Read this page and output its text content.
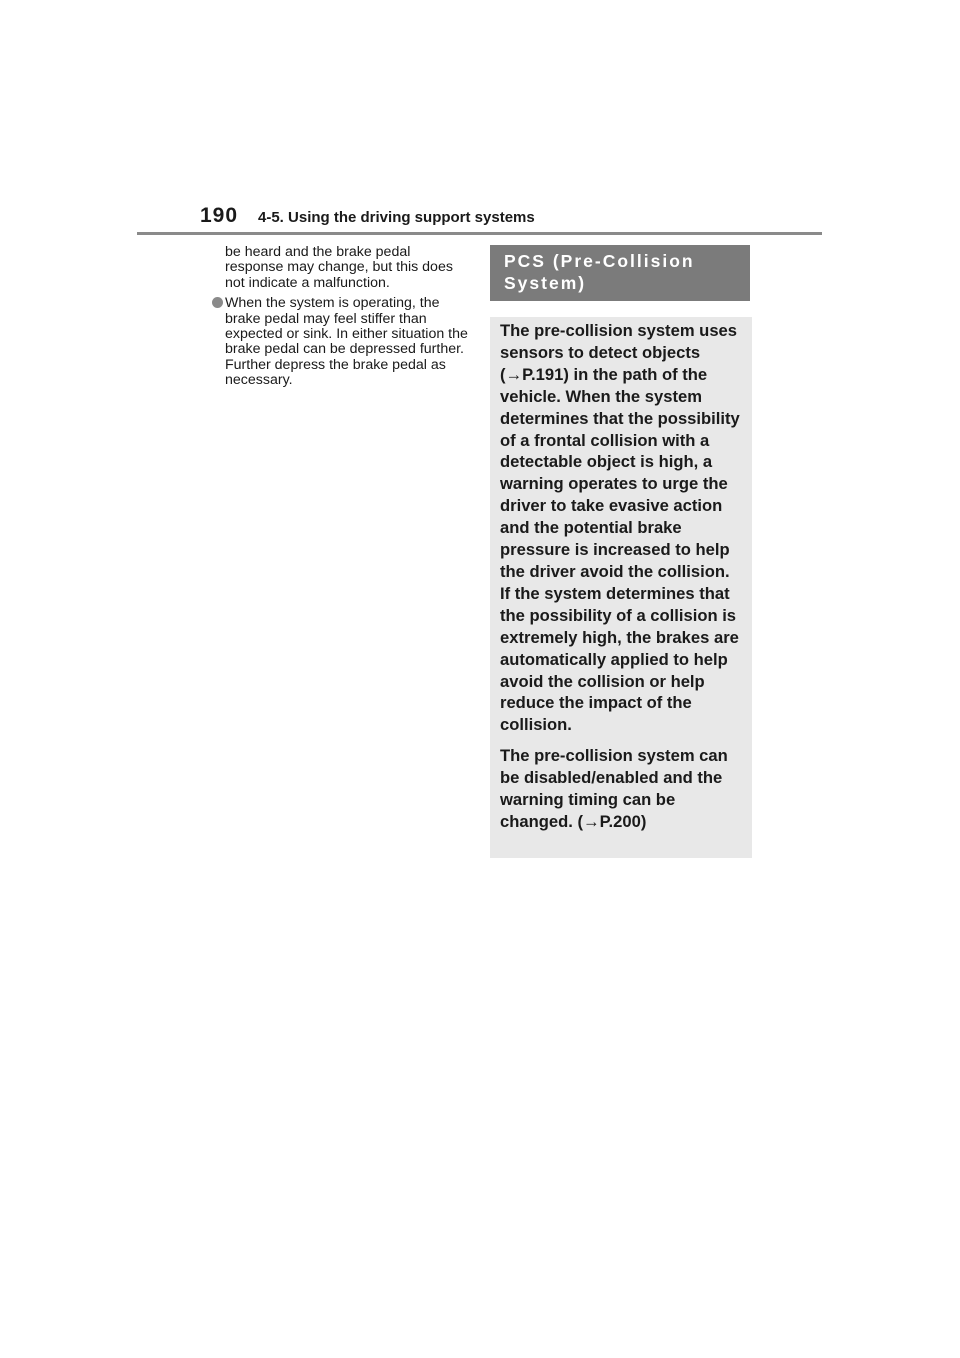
190 4-5. Using the driving support systems

be heard and the brake pedal response may change, but this does not indicate a malfunction.

When the system is operating, the brake pedal may feel stiffer than expected or sink. In either situation the brake pedal can be depressed further. Further depress the brake pedal as necessary.

PCS (Pre-Collision System)

The pre-collision system uses sensors to detect objects (→P.191) in the path of the vehicle. When the system determines that the possibility of a frontal collision with a detectable object is high, a warning operates to urge the driver to take evasive action and the potential brake pressure is increased to help the driver avoid the collision. If the system determines that the possibility of a collision is extremely high, the brakes are automatically applied to help avoid the collision or help reduce the impact of the collision.

The pre-collision system can be disabled/enabled and the warning timing can be changed. (→P.200)
